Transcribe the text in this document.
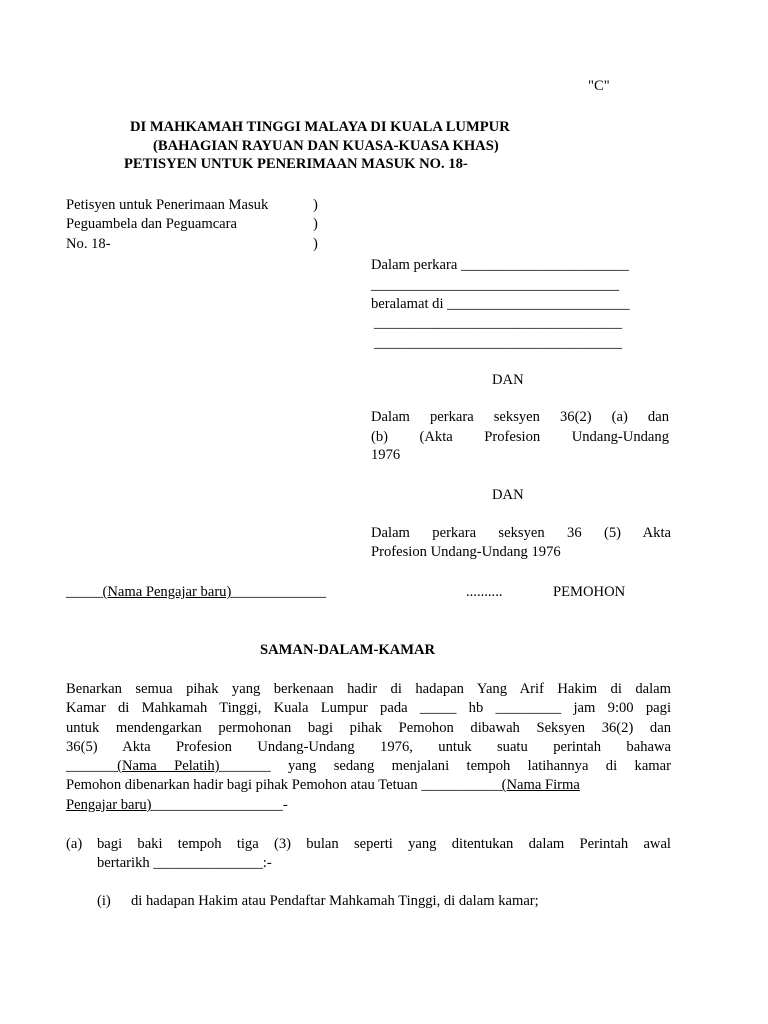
"C"
DI MAHKAMAH TINGGI MALAYA DI KUALA LUMPUR
(BAHAGIAN RAYUAN DAN KUASA-KUASA KHAS)
PETISYEN UNTUK PENERIMAAN MASUK NO. 18-
Petisyen untuk Penerimaan Masuk
Peguambela dan Peguamcara
No. 18-
)
)
)
Dalam perkara _______________________
__________________________________
beralamat di _________________________
__________________________________
__________________________________
DAN
Dalam perkara seksyen 36(2) (a) dan
(b) (Akta Profesion Undang-Undang
1976
DAN
Dalam perkara seksyen 36 (5) Akta
Profesion Undang-Undang 1976
_____(Nama Pengajar baru)_____________	..........	PEMOHON
SAMAN-DALAM-KAMAR
Benarkan semua pihak yang berkenaan hadir di hadapan Yang Arif Hakim di dalam
Kamar di Mahkamah Tinggi, Kuala Lumpur pada _____ hb _________ jam 9:00 pagi
untuk mendengarkan permohonan bagi pihak Pemohon dibawah Seksyen 36(2) dan
36(5) Akta Profesion Undang-Undang 1976, untuk suatu perintah bahawa
_______(Nama Pelatih)_______ yang sedang menjalani tempoh latihannya di kamar
Pemohon dibenarkan hadir bagi pihak Pemohon atau Tetuan ___________(Nama Firma
Pengajar baru)__________________-
(a) bagi baki tempoh tiga (3) bulan seperti yang ditentukan dalam Perintah awal
bertarikh _______________:-
(i) di hadapan Hakim atau Pendaftar Mahkamah Tinggi, di dalam kamar;
